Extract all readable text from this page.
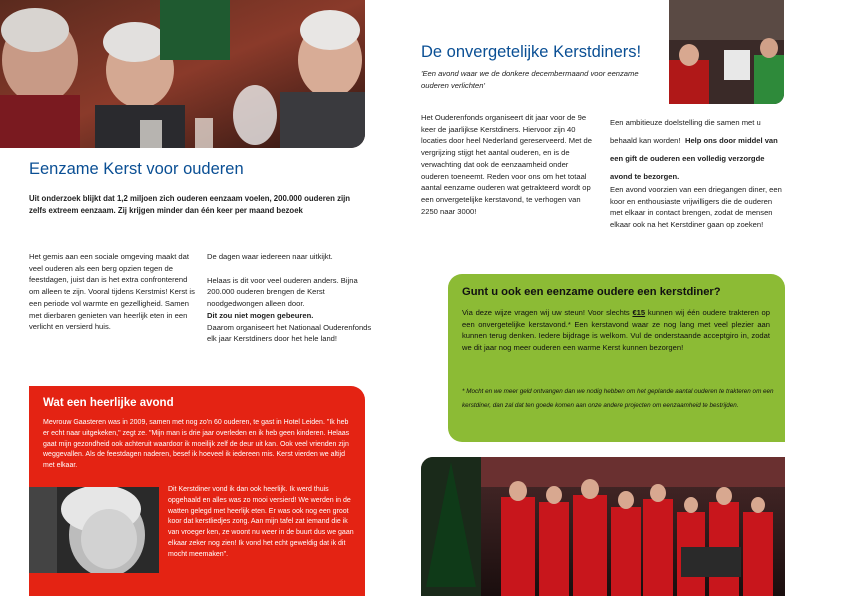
Eenzame Kerst voor ouderen

Uit onderzoek blijkt dat 1,2 miljoen zich ouderen eenzaam voelen, 200.000 ouderen zijn zelfs extreem eenzaam. Zij krijgen minder dan één keer per maand bezoek

Het gemis aan een sociale omgeving maakt dat veel ouderen als een berg opzien tegen de feestdagen, juist dan is het extra confronterend om alleen te zijn. Vooral tijdens Kerstmis! Kerst is een periode vol warmte en gezelligheid. Samen met dierbaren genieten van heerlijk eten in een verlicht en versierd huis.

De dagen waar iedereen naar uitkijkt.

Helaas is dit voor veel ouderen anders. Bijna 200.000 ouderen brengen de Kerst noodgedwongen alleen door.

Dit zou niet mogen gebeuren.

Daarom organiseert het Nationaal Ouderenfonds elk jaar Kerstdiners door het hele land!

Wat een heerlijke avond

Mevrouw Gaasteren was in 2009, samen met nog zo'n 60 ouderen, te gast in Hotel Leiden. "Ik heb er echt naar uitgekeken," zegt ze. "Mijn man is drie jaar overleden en ik heb geen kinderen. Helaas gaat mijn gezondheid ook achteruit waardoor ik moeilijk zelf de deur uit kan. Ook veel vrienden zijn weggevallen. Als de feestdagen naderen, besef ik hoeveel ik iedereen mis. Kerst vierden we altijd met elkaar.

Dit Kerstdiner vond ik dan ook heerlijk. Ik werd thuis opgehaald en alles was zo mooi versierd! We werden in de watten gelegd met heerlijk eten. Er was ook nog een groot koor dat kerstliedjes zong. Aan mijn tafel zat iemand die ik van vroeger ken, ze woont nu weer in de buurt dus we gaan elkaar zeker nog zien! Ik vond het echt geweldig dat ik dit mocht meemaken".

De onvergetelijke Kerstdiners!

'Een avond waar we de donkere decembermaand voor eenzame ouderen verlichten'

Het Ouderenfonds organiseert dit jaar voor de 9e keer de jaarlijkse Kerstdiners. Hiervoor zijn 40 locaties door heel Nederland gereserveerd. Met de vergrijzing stijgt het aantal ouderen, en is de verwachting dat ook de eenzaamheid onder ouderen toeneemt. Reden voor ons om het totaal aantal eenzame ouderen wat getrakteerd wordt op een onvergetelijke kerstavond, te verhogen van 2250 naar 3000!

Een ambitieuze doelstelling die samen met u behaald kan worden! Help ons door middel van een gift de ouderen een volledig verzorgde avond te bezorgen.

Een avond voorzien van een driegangen diner, een koor en enthousiaste vrijwilligers die de ouderen met elkaar in contact brengen, zodat de mensen elkaar ook na het Kerstdiner gaan op zoeken!

Gunt u ook een eenzame oudere een kerstdiner?

Via deze wijze vragen wij uw steun! Voor slechts €15 kunnen wij één oudere trakteren op een onvergetelijke kerstavond.* Een kerstavond waar ze nog lang met veel plezier aan kunnen terug denken. Iedere bijdrage is welkom. Vul de onderstaande acceptgiro in, zodat we dit jaar nog meer ouderen een warme Kerst kunnen bezorgen!

* Mocht en we meer geld ontvangen dan we nodig hebben om het geplande aantal ouderen te trakteren om een kerstdiner, dan zal dat ten goede komen aan onze andere projecten om eenzaamheid te bestrijden.
